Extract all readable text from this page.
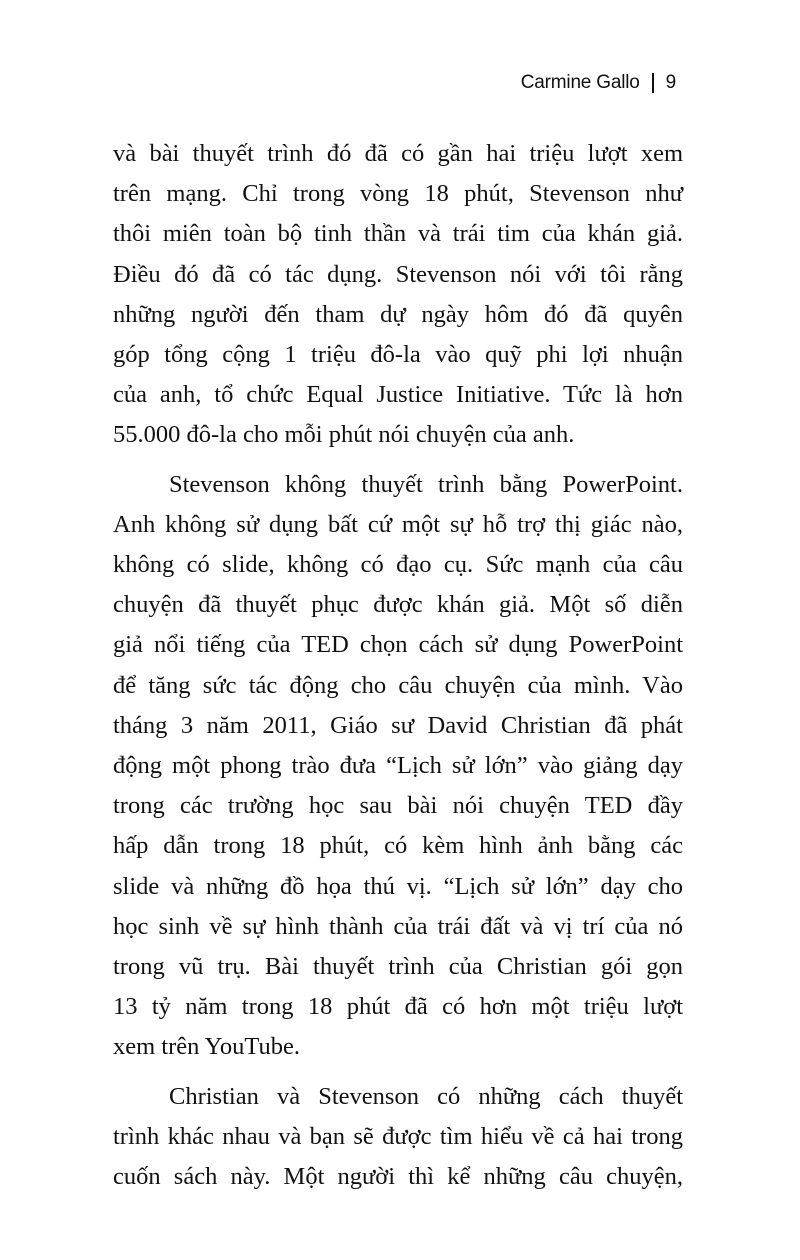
Carmine Gallo 9
và bài thuyết trình đó đã có gần hai triệu lượt xem
trên mạng. Chỉ trong vòng 18 phút, Stevenson như
thôi miên toàn bộ tinh thần và trái tim của khán giả.
Điều đó đã có tác dụng. Stevenson nói với tôi rằng
những người đến tham dự ngày hôm đó đã quyên
góp tổng cộng 1 triệu đô-la vào quỹ phi lợi nhuận
của anh, tổ chức Equal Justice Initiative. Tức là hơn
55.000 đô-la cho mỗi phút nói chuyện của anh.
Stevenson không thuyết trình bằng PowerPoint.
Anh không sử dụng bất cứ một sự hỗ trợ thị giác nào,
không có slide, không có đạo cụ. Sức mạnh của câu
chuyện đã thuyết phục được khán giả. Một số diễn
giả nổi tiếng của TED chọn cách sử dụng PowerPoint
để tăng sức tác động cho câu chuyện của mình. Vào
tháng 3 năm 2011, Giáo sư David Christian đã phát
động một phong trào đưa “Lịch sử lớn” vào giảng dạy
trong các trường học sau bài nói chuyện TED đầy
hấp dẫn trong 18 phút, có kèm hình ảnh bằng các
slide và những đồ họa thú vị. “Lịch sử lớn” dạy cho
học sinh về sự hình thành của trái đất và vị trí của nó
trong vũ trụ. Bài thuyết trình của Christian gói gọn
13 tỷ năm trong 18 phút đã có hơn một triệu lượt
xem trên YouTube.
Christian và Stevenson có những cách thuyết
trình khác nhau và bạn sẽ được tìm hiểu về cả hai trong
cuốn sách này. Một người thì kể những câu chuyện,
